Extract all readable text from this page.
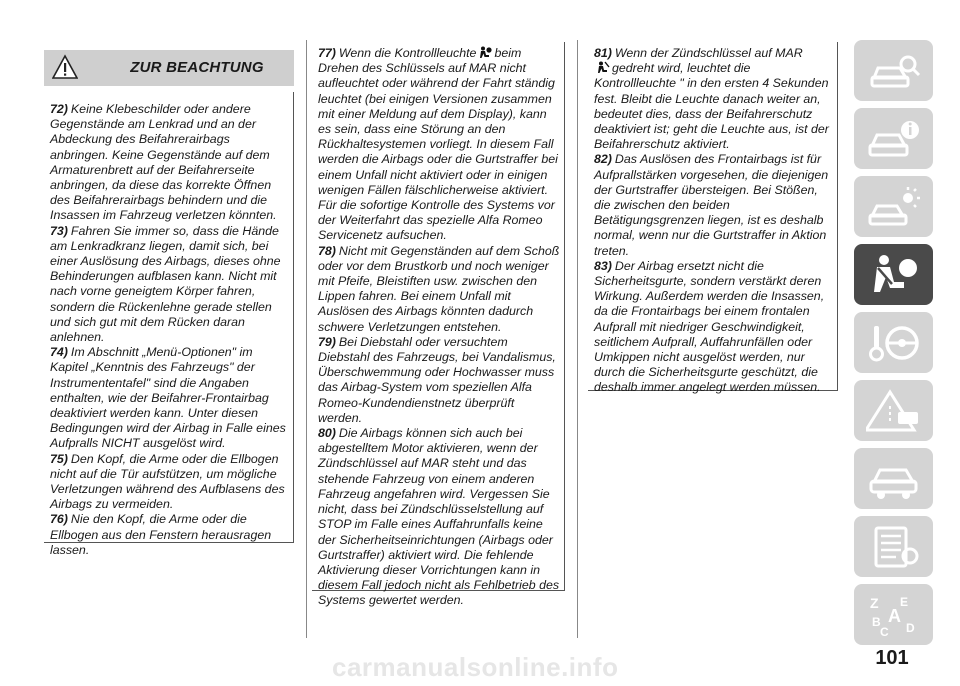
ZUR BEACHTUNG

72) Keine Klebeschilder oder andere Gegenstände am Lenkrad und an der Abdeckung des Beifahrerairbags anbringen. Keine Gegenstände auf dem Armaturenbrett auf der Beifahrerseite anbringen, da diese das korrekte Öffnen des Beifahrerairbags behindern und die Insassen im Fahrzeug verletzen könnten.

73) Fahren Sie immer so, dass die Hände am Lenkradkranz liegen, damit sich, bei einer Auslösung des Airbags, dieses ohne Behinderungen aufblasen kann. Nicht mit nach vorne geneigtem Körper fahren, sondern die Rückenlehne gerade stellen und sich gut mit dem Rücken daran anlehnen.

74) Im Abschnitt „Menü-Optionen" im Kapitel „Kenntnis des Fahrzeugs" der Instrumententafel" sind die Angaben enthalten, wie der Beifahrer-Frontairbag deaktiviert werden kann. Unter diesen Bedingungen wird der Airbag in Falle eines Aufpralls NICHT ausgelöst wird.

75) Den Kopf, die Arme oder die Ellbogen nicht auf die Tür aufstützen, um mögliche Verletzungen während des Aufblasens des Airbags zu vermeiden.

76) Nie den Kopf, die Arme oder die Ellbogen aus den Fenstern herausragen lassen.

77) Wenn die Kontrollleuchte beim Drehen des Schlüssels auf MAR nicht aufleuchtet oder während der Fahrt ständig leuchtet (bei einigen Versionen zusammen mit einer Meldung auf dem Display), kann es sein, dass eine Störung an den Rückhaltesystemen vorliegt. In diesem Fall werden die Airbags oder die Gurtstraffer bei einem Unfall nicht aktiviert oder in einigen wenigen Fällen fälschlicherweise aktiviert. Für die sofortige Kontrolle des Systems vor der Weiterfahrt das spezielle Alfa Romeo Servicenetz aufsuchen.

78) Nicht mit Gegenständen auf dem Schoß oder vor dem Brustkorb und noch weniger mit Pfeife, Bleistiften usw. zwischen den Lippen fahren. Bei einem Unfall mit Auslösen des Airbags könnten dadurch schwere Verletzungen entstehen.

79) Bei Diebstahl oder versuchtem Diebstahl des Fahrzeugs, bei Vandalismus, Überschwemmung oder Hochwasser muss das Airbag-System vom speziellen Alfa Romeo-Kundendienstnetz überprüft werden.

80) Die Airbags können sich auch bei abgestelltem Motor aktivieren, wenn der Zündschlüssel auf MAR steht und das stehende Fahrzeug von einem anderen Fahrzeug angefahren wird. Vergessen Sie nicht, dass bei Zündschlüsselstellung auf STOP im Falle eines Auffahrunfalls keine der Sicherheitseinrichtungen (Airbags oder Gurtstraffer) aktiviert wird. Die fehlende Aktivierung dieser Vorrichtungen kann in diesem Fall jedoch nicht als Fehlbetrieb des Systems gewertet werden.

81) Wenn der Zündschlüssel auf MAR
gedreht wird, leuchtet die Kontrollleuchte " in den ersten 4 Sekunden fest. Bleibt die Leuchte danach weiter an, bedeutet dies, dass der Beifahrerschutz deaktiviert ist; geht die Leuchte aus, ist der Beifahrerschutz aktiviert.

82) Das Auslösen des Frontairbags ist für Aufprallstärken vorgesehen, die diejenigen der Gurtstraffer übersteigen. Bei Stößen, die zwischen den beiden Betätigungsgrenzen liegen, ist es deshalb normal, wenn nur die Gurtstraffer in Aktion treten.

83) Der Airbag ersetzt nicht die Sicherheitsgurte, sondern verstärkt deren Wirkung. Außerdem werden die Insassen, da die Frontairbags bei einem frontalen Aufprall mit niedriger Geschwindigkeit, seitlichem Aufprall, Auffahrunfällen oder Umkippen nicht ausgelöst werden, nur durch die Sicherheitsgurte geschützt, die deshalb immer angelegt werden müssen.

Z E
B A
C D
101
carmanualsonline.info
